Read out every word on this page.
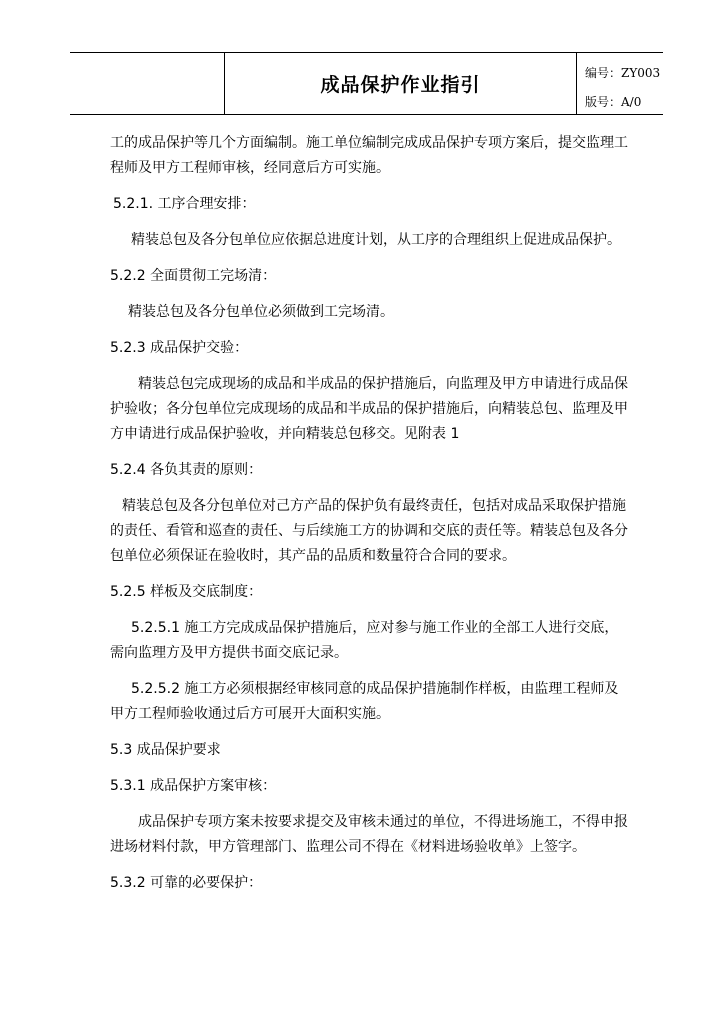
成品保护作业指引
编号：ZY003
版号：A/0

工的成品保护等几个方面编制。施工单位编制完成成品保护专项方案后，提交监理工程师及甲方工程师审核，经同意后方可实施。

5.2.1. 工序合理安排：

精装总包及各分包单位应依据总进度计划，从工序的合理组织上促进成品保护。

5.2.2 全面贯彻工完场清：

精装总包及各分包单位必须做到工完场清。

5.2.3 成品保护交验：

精装总包完成现场的成品和半成品的保护措施后，向监理及甲方申请进行成品保护验收；各分包单位完成现场的成品和半成品的保护措施后，向精装总包、监理及甲方申请进行成品保护验收，并向精装总包移交。见附表 1

5.2.4 各负其责的原则：

精装总包及各分包单位对己方产品的保护负有最终责任，包括对成品采取保护措施的责任、看管和巡查的责任、与后续施工方的协调和交底的责任等。精装总包及各分包单位必须保证在验收时，其产品的品质和数量符合合同的要求。

5.2.5 样板及交底制度：

5.2.5.1 施工方完成成品保护措施后，应对参与施工作业的全部工人进行交底，需向监理方及甲方提供书面交底记录。

5.2.5.2 施工方必须根据经审核同意的成品保护措施制作样板，由监理工程师及甲方工程师验收通过后方可展开大面积实施。

5.3 成品保护要求

5.3.1 成品保护方案审核：

成品保护专项方案未按要求提交及审核未通过的单位，不得进场施工，不得申报进场材料付款，甲方管理部门、监理公司不得在《材料进场验收单》上签字。

5.3.2 可靠的必要保护：
